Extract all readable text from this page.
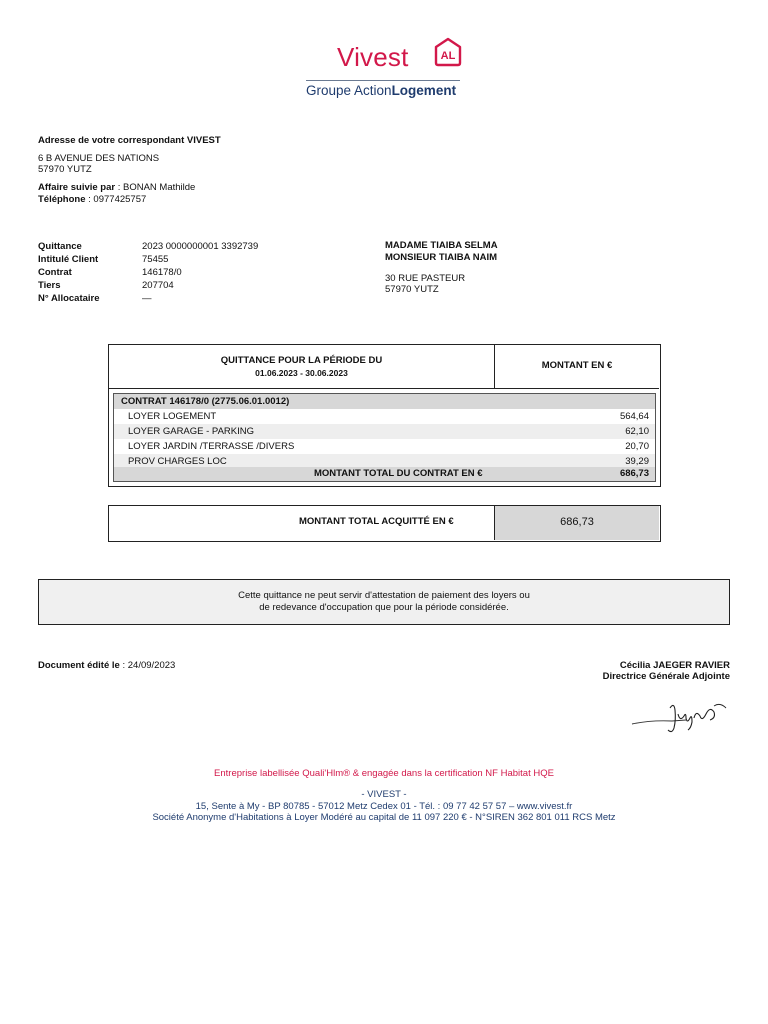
Vivest	AL
Groupe ActionLogement
Adresse de votre correspondant VIVEST
6 B AVENUE DES NATIONS
57970 YUTZ
Affaire suivie par : BONAN Mathilde
Téléphone : 0977425757
Quittance	2023 0000000001 3392739
Intitulé Client	75455
Contrat	146178/0
Tiers	207704
N° Allocataire	—
MADAME TIAIBA SELMA
MONSIEUR TIAIBA NAIM
30 RUE PASTEUR
57970 YUTZ
QUITTANCE POUR LA PÉRIODE DU
01.06.2023 - 30.06.2023
MONTANT EN €
CONTRAT 146178/0 (2775.06.01.0012)
LOYER LOGEMENT	564,64
LOYER GARAGE - PARKING	62,10
LOYER JARDIN /TERRASSE /DIVERS	20,70
PROV CHARGES LOC	39,29
MONTANT TOTAL DU CONTRAT EN €	686,73
MONTANT TOTAL ACQUITTÉ EN €	686,73
Cette quittance ne peut servir d'attestation de paiement des loyers ou
de redevance d'occupation que pour la période considérée.
Document édité le : 24/09/2023	Cécilia JAEGER RAVIER
Directrice Générale Adjointe
Entreprise labellisée Quali'Hlm® & engagée dans la certification NF Habitat HQE
- VIVEST -
15, Sente à My - BP 80785 - 57012 Metz Cedex 01 - Tél. : 09 77 42 57 57 – www.vivest.fr
Société Anonyme d'Habitations à Loyer Modéré au capital de 11 097 220 € - N°SIREN 362 801 011 RCS Metz
